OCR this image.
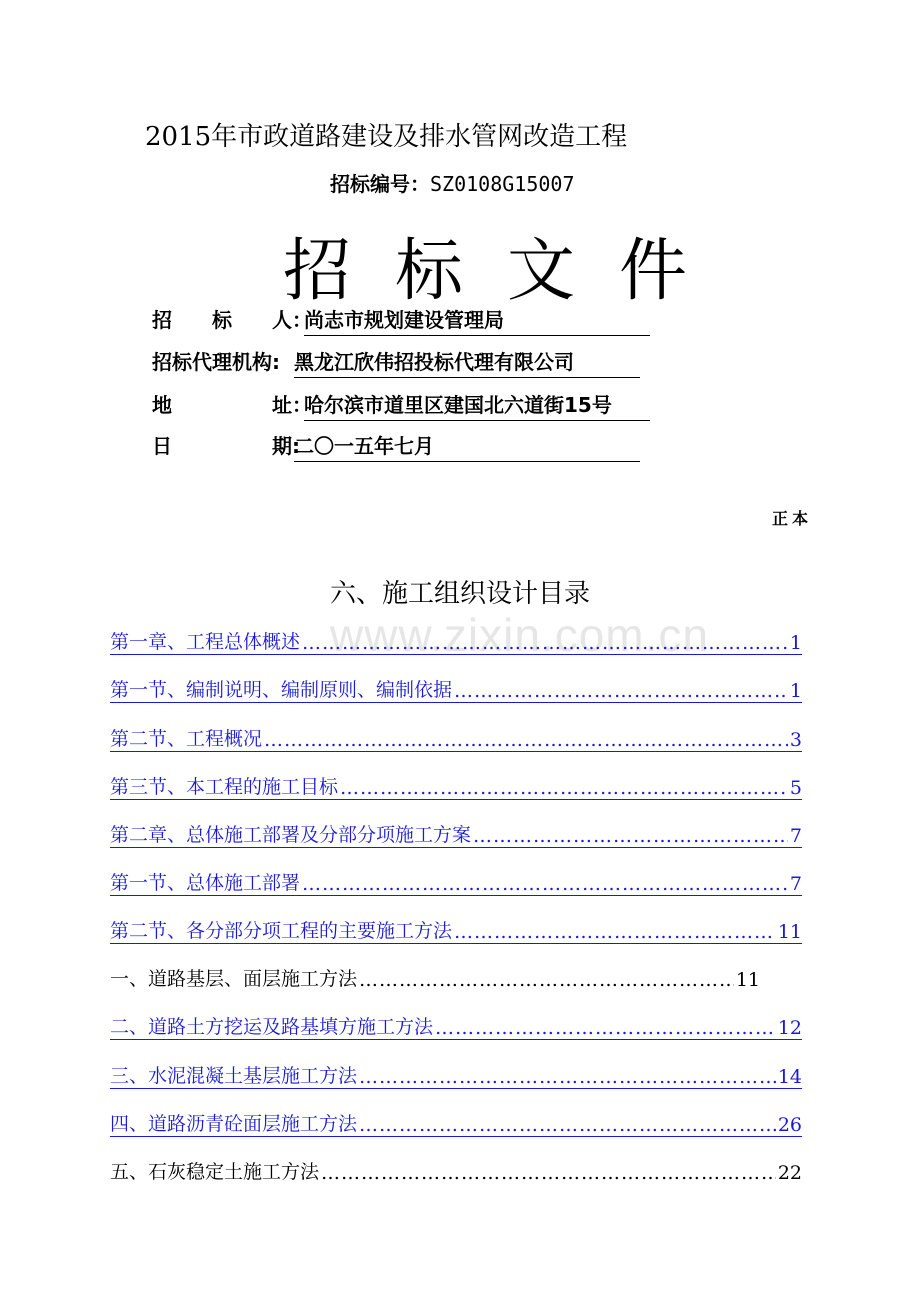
www.zixin.com.cn
2015年市政道路建设及排水管网改造工程
招标编号：SZ0108G15007
招标文件
招　　标　　人：
尚志市规划建设管理局
招标代理机构: 黑龙江欣伟招投标代理有限公司
地　　　　　址：
哈尔滨市道里区建国北六道街15号
日　　　　　期:
二〇一五年七月
正本
六、施工组织设计目录
第一章、工程总体概述 ……………………………………………………………………………………………………………………………………………………	1
第一节、编制说明、编制原则、编制依据 ……………………………………………………………………………………………………………………………………………………	1
第二节、工程概况 ……………………………………………………………………………………………………………………………………………………	3
第三节、本工程的施工目标 ……………………………………………………………………………………………………………………………………………………	5
第二章、总体施工部署及分部分项施工方案 ……………………………………………………………………………………………………………………………………………………	7
第一节、总体施工部署 ……………………………………………………………………………………………………………………………………………………	7
第二节、各分部分项工程的主要施工方法 ……………………………………………………………………………………………………………………………………………………	11
一、道路基层、面层施工方法 ……………………………………………………………………………………………………………………………………………………	11
二、道路土方挖运及路基填方施工方法 ……………………………………………………………………………………………………………………………………………………	12
三、水泥混凝土基层施工方法 ……………………………………………………………………………………………………………………………………………………	14
四、道路沥青砼面层施工方法 ……………………………………………………………………………………………………………………………………………………	26
五、石灰稳定土施工方法 ……………………………………………………………………………………………………………………………………………………	22
